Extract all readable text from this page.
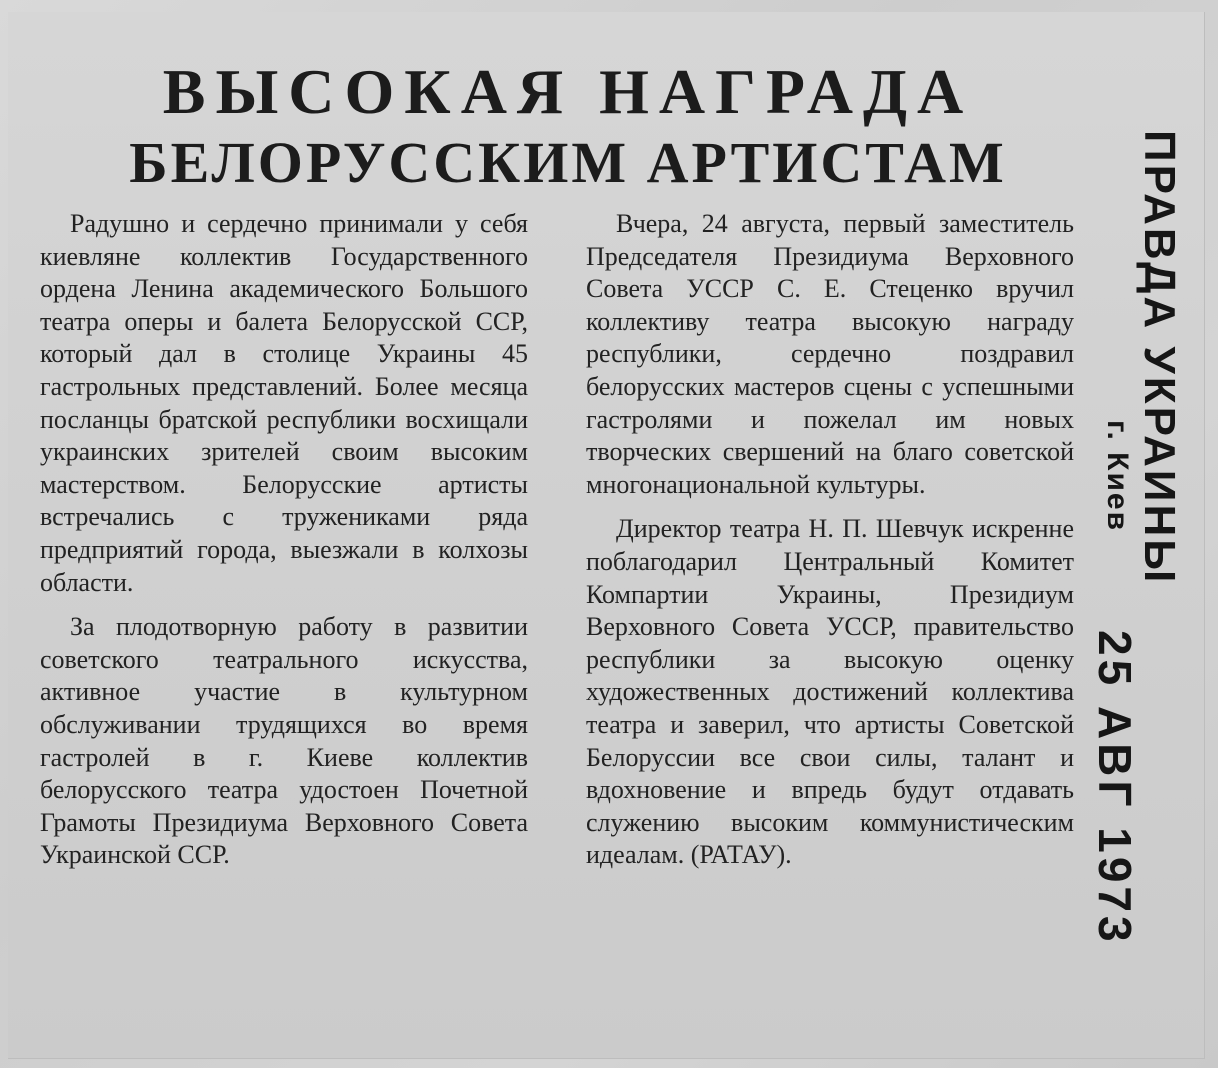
ВЫСОКАЯ НАГРАДА
БЕЛОРУССКИМ АРТИСТАМ

Радушно и сердечно принимали у себя киевляне коллектив Государственного ордена Ленина академического Большого театра оперы и балета Белорусской ССР, который дал в столице Украины 45 гастрольных представлений. Более месяца посланцы братской республики восхищали украинских зрителей своим высоким мастерством. Белорусские артисты встречались с тружениками ряда предприятий города, выезжали в колхозы области.

За плодотворную работу в развитии советского театрального искусства, активное участие в культурном обслуживании трудящихся во время гастролей в г. Киеве коллектив белорусского театра удостоен Почетной Грамоты Президиума Верховного Совета Украинской ССР.

Вчера, 24 августа, первый заместитель Председателя Президиума Верховного Совета УССР С. Е. Стеценко вручил коллективу театра высокую награду республики, сердечно поздравил белорусских мастеров сцены с успешными гастролями и пожелал им новых творческих свершений на благо советской многонациональной культуры.

Директор театра Н. П. Шевчук искренне поблагодарил Центральный Комитет Компартии Украины, Президиум Верховного Совета УССР, правительство республики за высокую оценку художественных достижений коллектива театра и заверил, что артисты Советской Белоруссии все свои силы, талант и вдохновение и впредь будут отдавать служению высоким коммунистическим идеалам. (РАТАУ).

ПРАВДА УКРАИНЫ
г. Киев
25 АВГ 1973
